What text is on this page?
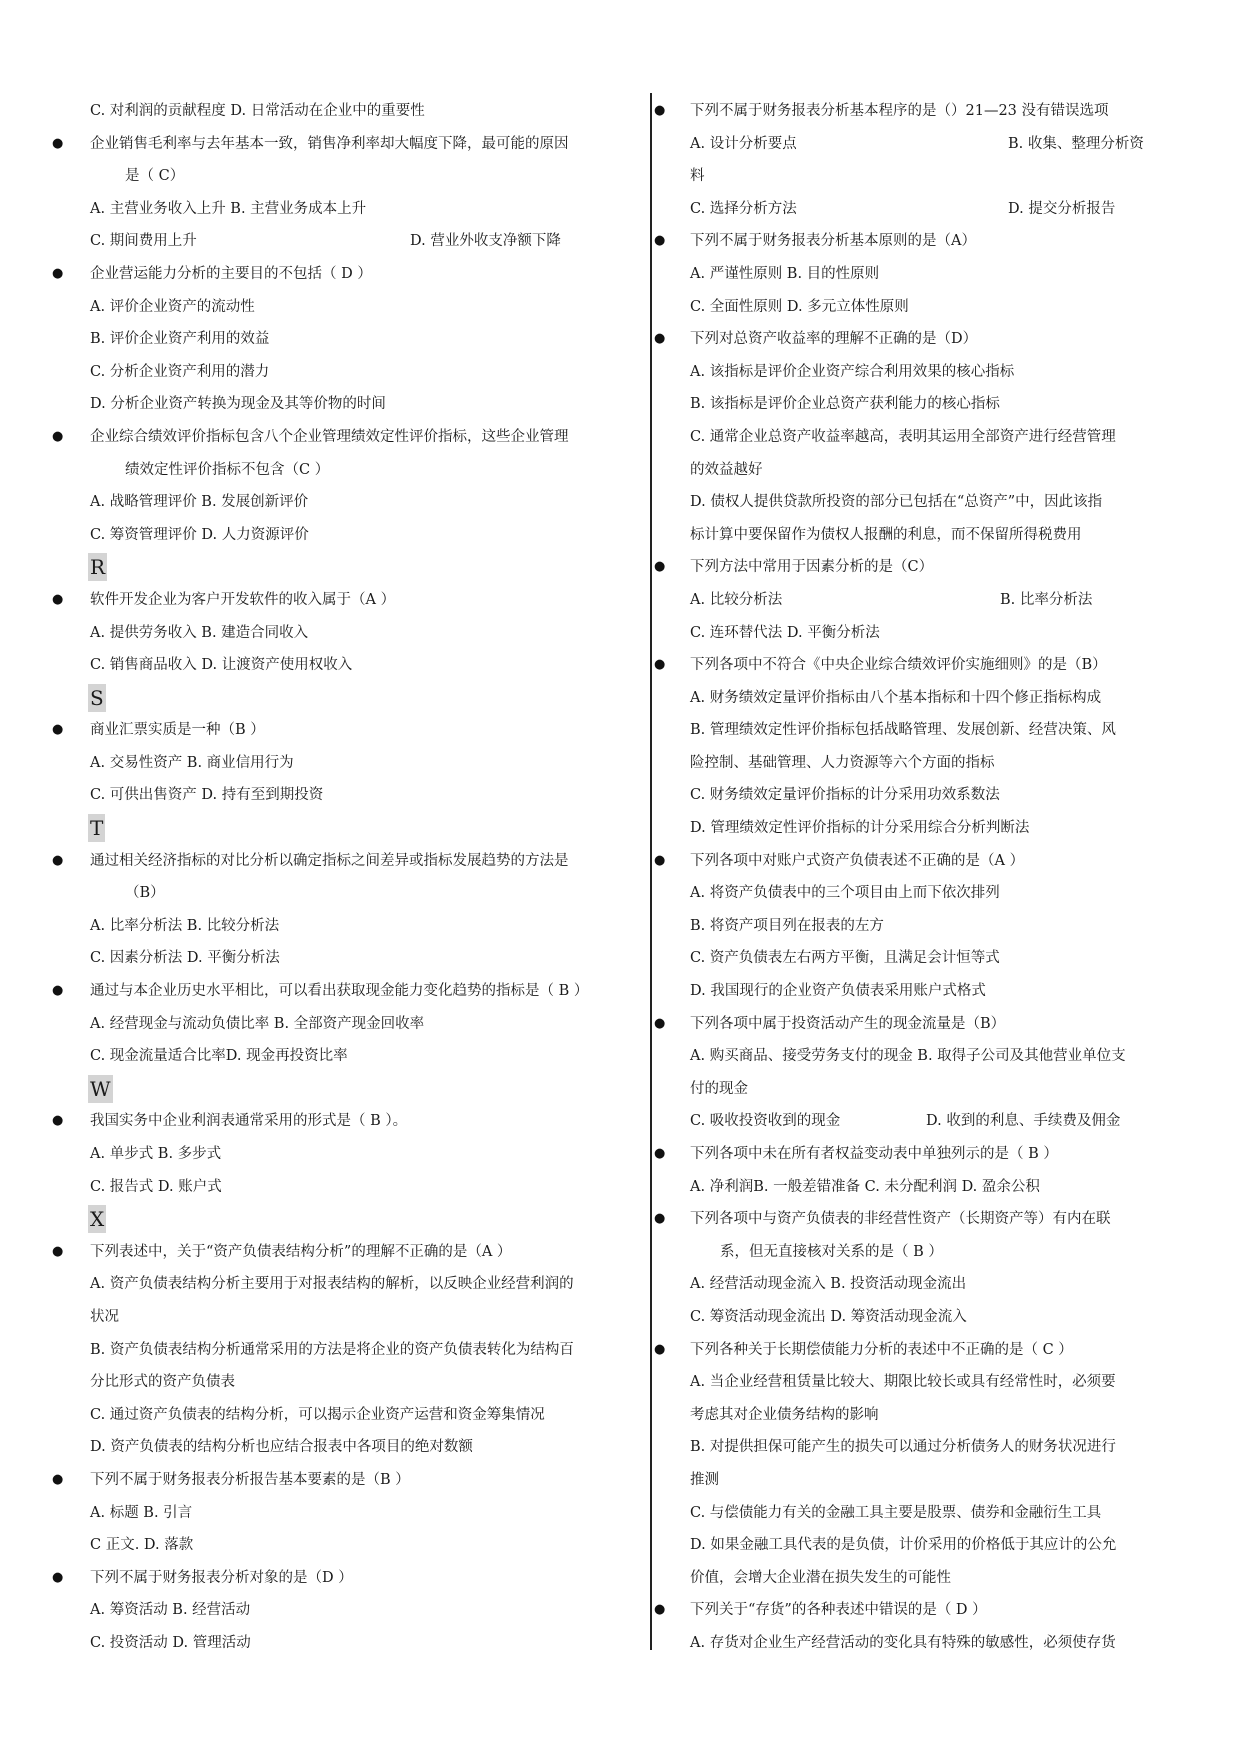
C. 对利润的贡献程度 D. 日常活动在企业中的重要性
● 企业销售毛利率与去年基本一致，销售净利率却大幅度下降，最可能的原因
是（ C）
A. 主营业务收入上升 B. 主营业务成本上升
C. 期间费用上升	D. 营业外收支净额下降
● 企业营运能力分析的主要目的不包括（ D ）
A. 评价企业资产的流动性
B. 评价企业资产利用的效益
C. 分析企业资产利用的潜力
D. 分析企业资产转换为现金及其等价物的时间
● 企业综合绩效评价指标包含八个企业管理绩效定性评价指标，这些企业管理
绩效定性评价指标不包含（C ）
A. 战略管理评价 B. 发展创新评价
C. 筹资管理评价 D. 人力资源评价
R
● 软件开发企业为客户开发软件的收入属于（A ）
A. 提供劳务收入 B. 建造合同收入
C. 销售商品收入 D. 让渡资产使用权收入
S
● 商业汇票实质是一种（B ）
A. 交易性资产 B. 商业信用行为
C. 可供出售资产 D. 持有至到期投资
T
● 通过相关经济指标的对比分析以确定指标之间差异或指标发展趋势的方法是
（B）
A. 比率分析法 B. 比较分析法
C. 因素分析法 D. 平衡分析法
● 通过与本企业历史水平相比，可以看出获取现金能力变化趋势的指标是（ B ）
A. 经营现金与流动负债比率 B. 全部资产现金回收率
C. 现金流量适合比率D. 现金再投资比率
W
● 我国实务中企业利润表通常采用的形式是（ B ）。
A. 单步式 B. 多步式
C. 报告式 D. 账户式
X
● 下列表述中，关于“资产负债表结构分析”的理解不正确的是（A ）
A. 资产负债表结构分析主要用于对报表结构的解析，以反映企业经营利润的
状况
B. 资产负债表结构分析通常采用的方法是将企业的资产负债表转化为结构百
分比形式的资产负债表
C. 通过资产负债表的结构分析，可以揭示企业资产运营和资金筹集情况
D. 资产负债表的结构分析也应结合报表中各项目的绝对数额
● 下列不属于财务报表分析报告基本要素的是（B ）
A. 标题 B. 引言
C 正文. D. 落款
● 下列不属于财务报表分析对象的是（D ）
A. 筹资活动 B. 经营活动
C. 投资活动 D. 管理活动
● 下列不属于财务报表分析基本程序的是（）21—23 没有错误选项
A. 设计分析要点	B. 收集、整理分析资
料
C. 选择分析方法	D. 提交分析报告
● 下列不属于财务报表分析基本原则的是（A）
A. 严谨性原则 B. 目的性原则
C. 全面性原则 D. 多元立体性原则
● 下列对总资产收益率的理解不正确的是（D）
A. 该指标是评价企业资产综合利用效果的核心指标
B. 该指标是评价企业总资产获利能力的核心指标
C. 通常企业总资产收益率越高，表明其运用全部资产进行经营管理
的效益越好
D. 债权人提供贷款所投资的部分已包括在“总资产”中，因此该指
标计算中要保留作为债权人报酬的利息，而不保留所得税费用
● 下列方法中常用于因素分析的是（C）
A. 比较分析法	B. 比率分析法
C. 连环替代法 D. 平衡分析法
● 下列各项中不符合《中央企业综合绩效评价实施细则》的是（B）
A. 财务绩效定量评价指标由八个基本指标和十四个修正指标构成
B. 管理绩效定性评价指标包括战略管理、发展创新、经营决策、风
险控制、基础管理、人力资源等六个方面的指标
C. 财务绩效定量评价指标的计分采用功效系数法
D. 管理绩效定性评价指标的计分采用综合分析判断法
● 下列各项中对账户式资产负债表述不正确的是（A ）
A. 将资产负债表中的三个项目由上而下依次排列
B. 将资产项目列在报表的左方
C. 资产负债表左右两方平衡，且满足会计恒等式
D. 我国现行的企业资产负债表采用账户式格式
● 下列各项中属于投资活动产生的现金流量是（B）
A. 购买商品、接受劳务支付的现金 B. 取得子公司及其他营业单位支
付的现金
C. 吸收投资收到的现金	D. 收到的利息、手续费及佣金
● 下列各项中未在所有者权益变动表中单独列示的是（ B ）
A. 净利润B. 一般差错准备 C. 未分配利润 D. 盈余公积
● 下列各项中与资产负债表的非经营性资产（长期资产等）有内在联
系，但无直接核对关系的是（ B ）
A. 经营活动现金流入 B. 投资活动现金流出
C. 筹资活动现金流出 D. 筹资活动现金流入
● 下列各种关于长期偿债能力分析的表述中不正确的是（ C ）
A. 当企业经营租赁量比较大、期限比较长或具有经常性时，必须要
考虑其对企业债务结构的影响
B. 对提供担保可能产生的损失可以通过分析债务人的财务状况进行
推测
C. 与偿债能力有关的金融工具主要是股票、债券和金融衍生工具
D. 如果金融工具代表的是负债，计价采用的价格低于其应计的公允
价值，会增大企业潜在损失发生的可能性
● 下列关于“存货”的各种表述中错误的是（ D ）
A. 存货对企业生产经营活动的变化具有特殊的敏感性，必须使存货
